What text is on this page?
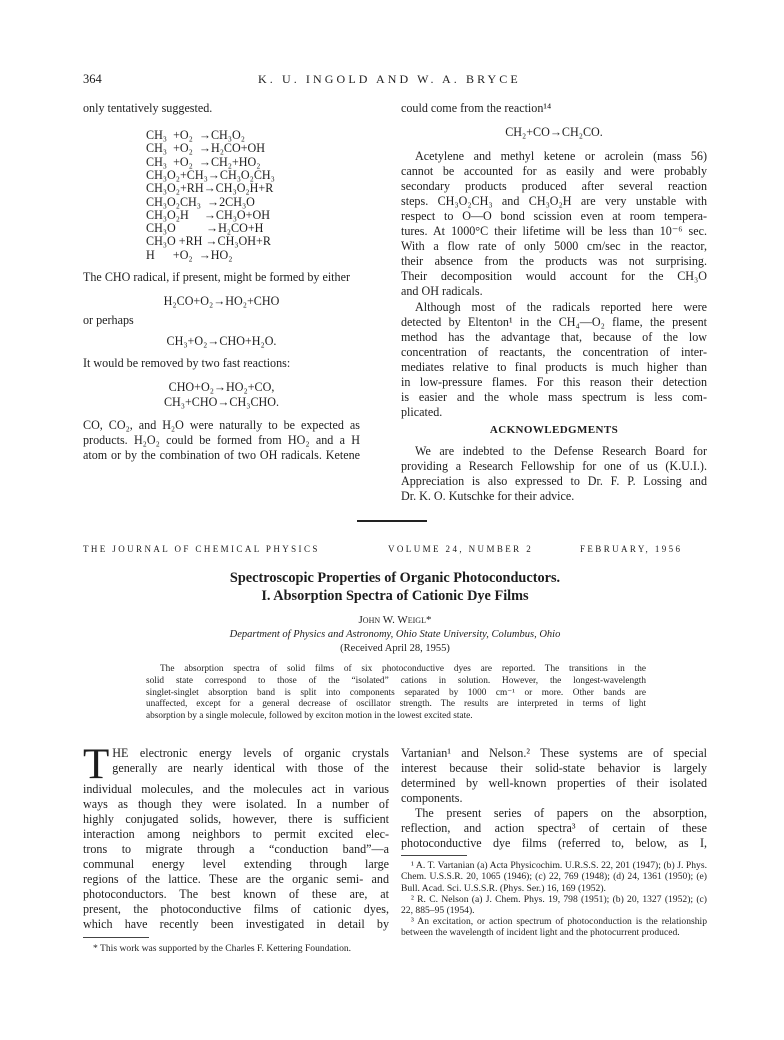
364	K. U. INGOLD AND W. A. BRYCE
only tentatively suggested.
CH₃  +O₂  →CH₃O₂
CH₃  +O₂  →H₂CO+OH
CH₃  +O₂  →CH₂+HO₂
CH₃O₂+CH₃→CH₃O₂CH₃
CH₃O₂+RH→CH₃O₂H+R
CH₃O₂CH₃  →2CH₃O
CH₃O₂H     →CH₃O+OH
CH₃O          →H₂CO+H
CH₃O +RH →CH₃OH+R
H      +O₂  →HO₂
The CHO radical, if present, might be formed by either
H₂CO+O₂→HO₂+CHO
or perhaps
CH₃+O₂→CHO+H₂O.
It would be removed by two fast reactions:
CHO+O₂→HO₂+CO,
CH₃+CHO→CH₃CHO.
CO, CO₂, and H₂O were naturally to be expected as
products. H₂O₂ could be formed from HO₂ and a H
atom or by the combination of two OH radicals. Ketene
could come from the reaction¹⁴
CH₂+CO→CH₂CO.
Acetylene and methyl ketene or acrolein (mass 56)
cannot be accounted for as easily and were probably
secondary products produced after several reaction
steps. CH₃O₂CH₃ and CH₃O₂H are very unstable with
respect to O—O bond scission even at room tempera-
tures. At 1000°C their lifetime will be less than 10⁻⁶ sec.
With a flow rate of only 5000 cm/sec in the reactor,
their absence from the products was not surprising.
Their decomposition would account for the CH₃O
and OH radicals.
Although most of the radicals reported here were
detected by Eltenton¹ in the CH₄—O₂ flame, the present
method has the advantage that, because of the low
concentration of reactants, the concentration of inter-
mediates relative to final products is much higher than
in low-pressure flames. For this reason their detection
is easier and the whole mass spectrum is less com-
plicated.
ACKNOWLEDGMENTS
We are indebted to the Defense Research Board for
providing a Research Fellowship for one of us (K.U.I.).
Appreciation is also expressed to Dr. F. P. Lossing and
Dr. K. O. Kutschke for their advice.
THE JOURNAL OF CHEMICAL PHYSICS	VOLUME 24, NUMBER 2	FEBRUARY, 1956
Spectroscopic Properties of Organic Photoconductors.
I. Absorption Spectra of Cationic Dye Films
John W. Weigl*
Department of Physics and Astronomy, Ohio State University, Columbus, Ohio
(Received April 28, 1955)
The absorption spectra of solid films of six photoconductive dyes are reported. The transitions in the
solid state correspond to those of the “isolated” cations in solution. However, the longest-wavelength
singlet-singlet absorption band is split into components separated by 1000 cm⁻¹ or more. Other bands are
unaffected, except for a general decrease of oscillator strength. The results are interpreted in terms of light
absorption by a single molecule, followed by exciton motion in the lowest excited state.
T HE electronic energy levels of organic crystals
generally are nearly identical with those of the
individual molecules, and the molecules act in various
ways as though they were isolated. In a number of
highly conjugated solids, however, there is sufficient
interaction among neighbors to permit excited elec-
trons to migrate through a “conduction band”—a
communal energy level extending through large
regions of the lattice. These are the organic semi- and
photoconductors. The best known of these are, at
present, the photoconductive films of cationic dyes,
which have recently been investigated in detail by
* This work was supported by the Charles F. Kettering Foundation.
Vartanian¹ and Nelson.² These systems are of special
interest because their solid-state behavior is largely
determined by well-known properties of their isolated
components.
The present series of papers on the absorption,
reflection, and action spectra³ of certain of these
photoconductive dye films (referred to, below, as I,
¹ A. T. Vartanian (a) Acta Physicochim. U.R.S.S. 22, 201 (1947); (b) J. Phys. Chem. U.S.S.R. 20, 1065 (1946); (c) 22, 769 (1948); (d) 24, 1361 (1950); (e) Bull. Acad. Sci. U.S.S.R. (Phys. Ser.) 16, 169 (1952).
² R. C. Nelson (a) J. Chem. Phys. 19, 798 (1951); (b) 20, 1327 (1952); (c) 22, 885–95 (1954).
³ An excitation, or action spectrum of photoconduction is the relationship between the wavelength of incident light and the photocurrent produced.
